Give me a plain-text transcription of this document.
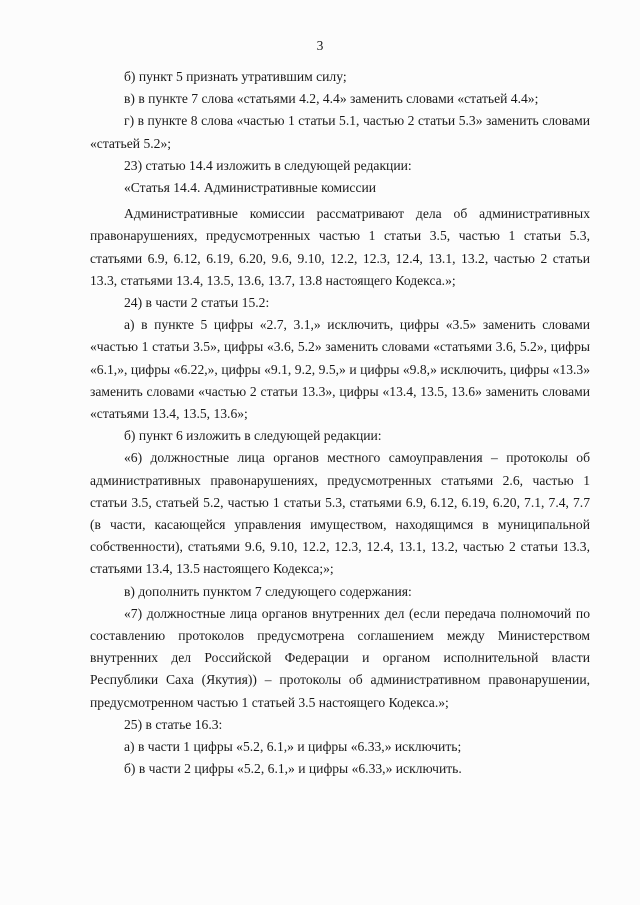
3

б) пункт 5 признать утратившим силу;

в) в пункте 7 слова «статьями 4.2, 4.4» заменить словами «статьей 4.4»;

г) в пункте 8 слова «частью 1 статьи 5.1, частью 2 статьи 5.3» заменить словами «статьей 5.2»;

23) статью 14.4 изложить в следующей редакции:

«Статья 14.4. Административные комиссии

Административные комиссии рассматривают дела об административных правонарушениях, предусмотренных частью 1 статьи 3.5, частью 1 статьи 5.3, статьями 6.9, 6.12, 6.19, 6.20, 9.6, 9.10, 12.2, 12.3, 12.4, 13.1, 13.2, частью 2 статьи 13.3, статьями 13.4, 13.5, 13.6, 13.7, 13.8 настоящего Кодекса.»;

24) в части 2 статьи 15.2:

а) в пункте 5 цифры «2.7, 3.1,» исключить, цифры «3.5» заменить словами «частью 1 статьи 3.5», цифры «3.6, 5.2» заменить словами «статьями 3.6, 5.2», цифры «6.1,», цифры «6.22,», цифры «9.1, 9.2, 9.5,» и цифры «9.8,» исключить, цифры «13.3» заменить словами «частью 2 статьи 13.3», цифры «13.4, 13.5, 13.6» заменить словами «статьями 13.4, 13.5, 13.6»;

б) пункт 6 изложить в следующей редакции:

«6) должностные лица органов местного самоуправления – протоколы об административных правонарушениях, предусмотренных статьями 2.6, частью 1 статьи 3.5, статьей 5.2, частью 1 статьи 5.3, статьями 6.9, 6.12, 6.19, 6.20, 7.1, 7.4, 7.7 (в части, касающейся управления имуществом, находящимся в муниципальной собственности), статьями 9.6, 9.10, 12.2, 12.3, 12.4, 13.1, 13.2, частью 2 статьи 13.3, статьями 13.4, 13.5 настоящего Кодекса;»;

в) дополнить пунктом 7 следующего содержания:

«7) должностные лица органов внутренних дел (если передача полномочий по составлению протоколов предусмотрена соглашением между Министерством внутренних дел Российской Федерации и органом исполнительной власти Республики Саха (Якутия)) – протоколы об административном правонарушении, предусмотренном частью 1 статьей 3.5 настоящего Кодекса.»;

25) в статье 16.3:

а) в части 1 цифры «5.2, 6.1,» и цифры «6.33,» исключить;

б) в части 2 цифры «5.2, 6.1,» и цифры «6.33,» исключить.
